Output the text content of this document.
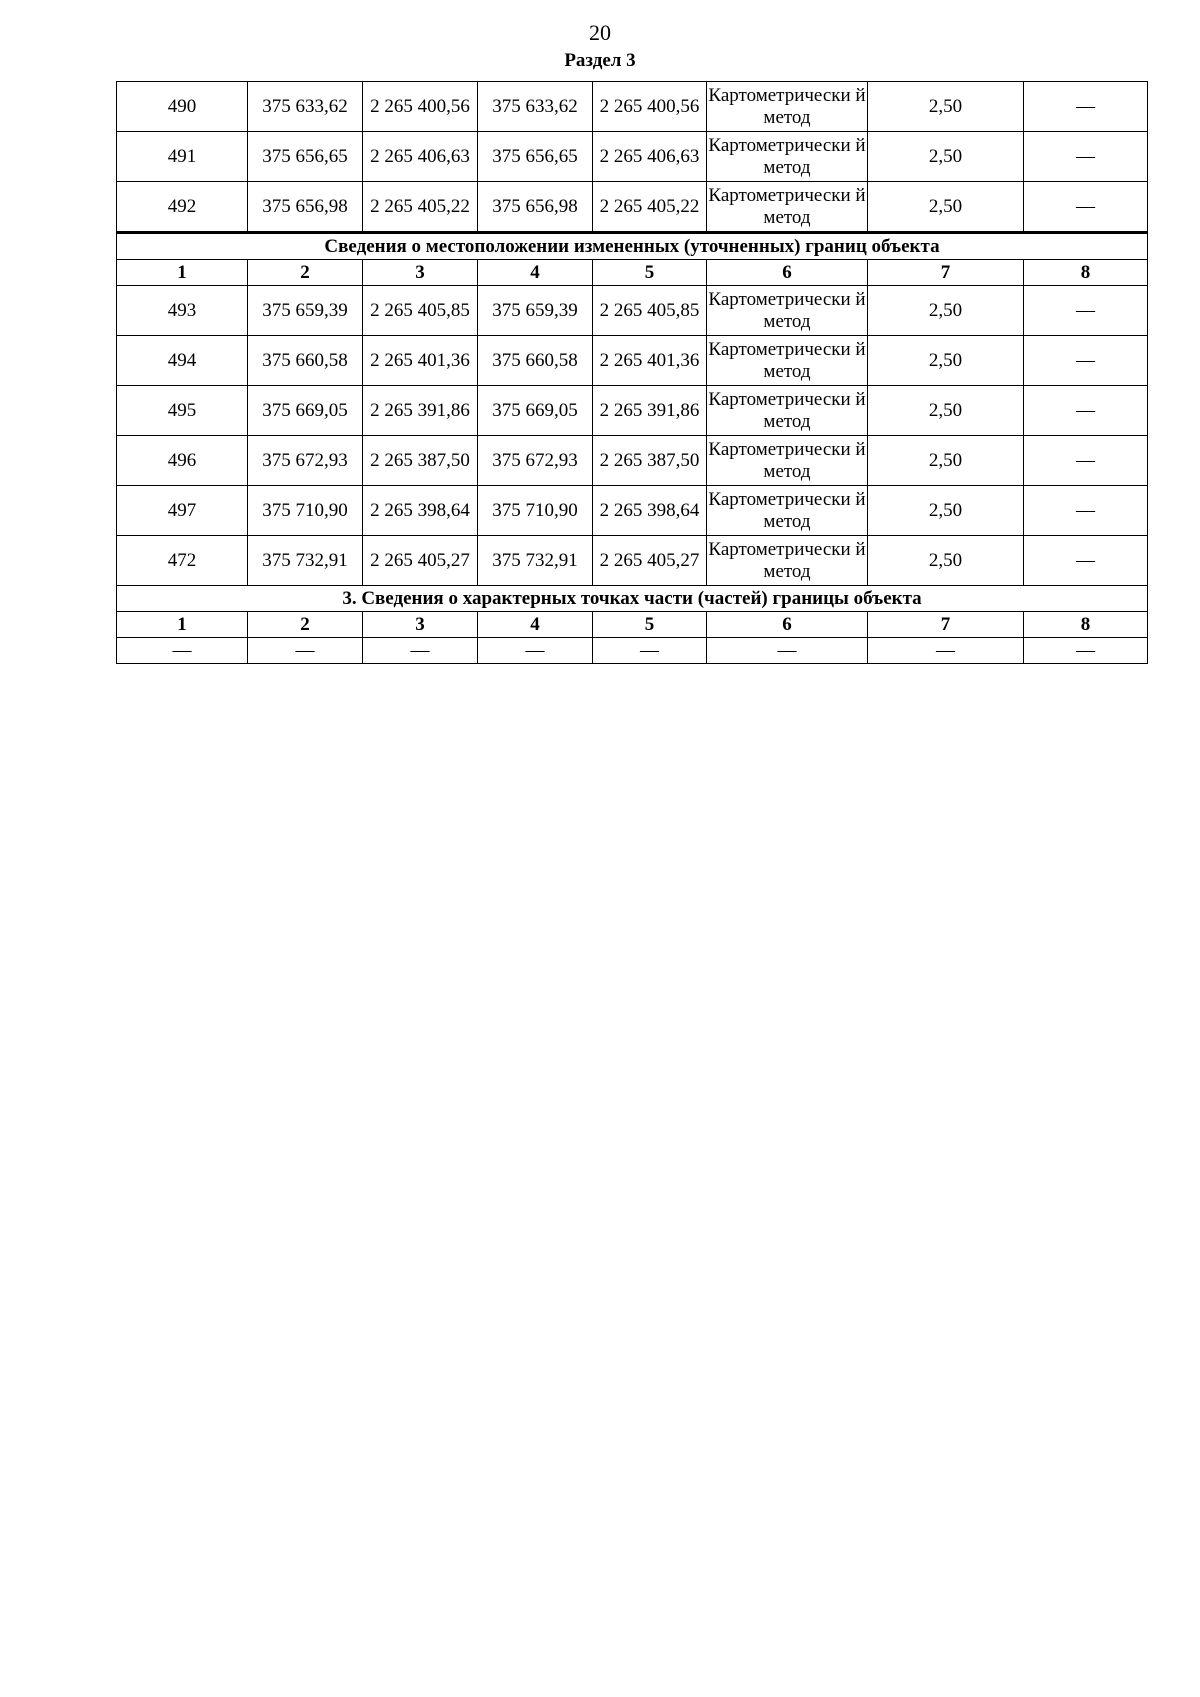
20
Раздел 3
490	375 633,62	2 265 400,56	375 633,62	2 265 400,56	Картометрически й метод	2,50	—
491	375 656,65	2 265 406,63	375 656,65	2 265 406,63	Картометрически й метод	2,50	—
492	375 656,98	2 265 405,22	375 656,98	2 265 405,22	Картометрически й метод	2,50	—
Сведения о местоположении измененных (уточненных) границ объекта							
1	2	3	4	5	6	7	8
493	375 659,39	2 265 405,85	375 659,39	2 265 405,85	Картометрически й метод	2,50	—
494	375 660,58	2 265 401,36	375 660,58	2 265 401,36	Картометрически й метод	2,50	—
495	375 669,05	2 265 391,86	375 669,05	2 265 391,86	Картометрически й метод	2,50	—
496	375 672,93	2 265 387,50	375 672,93	2 265 387,50	Картометрически й метод	2,50	—
497	375 710,90	2 265 398,64	375 710,90	2 265 398,64	Картометрически й метод	2,50	—
472	375 732,91	2 265 405,27	375 732,91	2 265 405,27	Картометрически й метод	2,50	—
3. Сведения о характерных точках части (частей) границы объекта							
1	2	3	4	5	6	7	8
—	—	—	—	—	—	—	—
